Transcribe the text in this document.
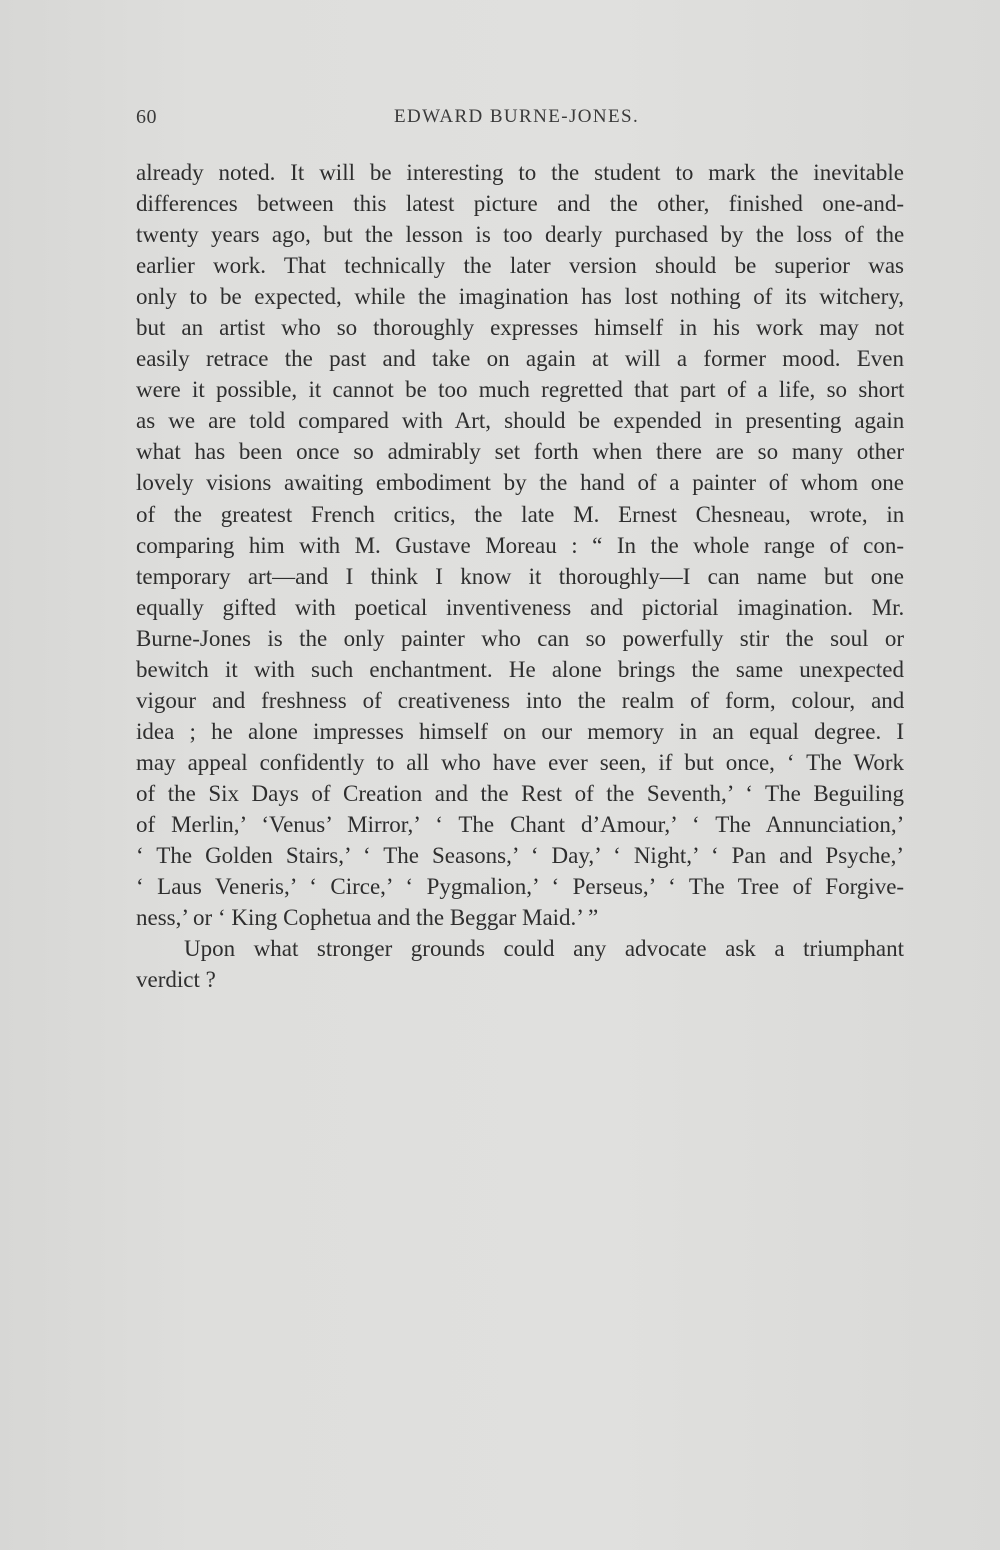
60	EDWARD BURNE-JONES.

already noted. It will be interesting to the student to mark the inevitable
differences between this latest picture and the other, finished one-and-
twenty years ago, but the lesson is too dearly purchased by the loss of the
earlier work. That technically the later version should be superior was
only to be expected, while the imagination has lost nothing of its witchery,
but an artist who so thoroughly expresses himself in his work may not
easily retrace the past and take on again at will a former mood. Even
were it possible, it cannot be too much regretted that part of a life, so short
as we are told compared with Art, should be expended in presenting again
what has been once so admirably set forth when there are so many other
lovely visions awaiting embodiment by the hand of a painter of whom one
of the greatest French critics, the late M. Ernest Chesneau, wrote, in
comparing him with M. Gustave Moreau : “ In the whole range of con-
temporary art—and I think I know it thoroughly—I can name but one
equally gifted with poetical inventiveness and pictorial imagination. Mr.
Burne-Jones is the only painter who can so powerfully stir the soul or
bewitch it with such enchantment. He alone brings the same unexpected
vigour and freshness of creativeness into the realm of form, colour, and
idea ; he alone impresses himself on our memory in an equal degree. I
may appeal confidently to all who have ever seen, if but once, ‘ The Work
of the Six Days of Creation and the Rest of the Seventh,’ ‘ The Beguiling
of Merlin,’ ‘Venus’ Mirror,’ ‘ The Chant d’Amour,’ ‘ The Annunciation,’
‘ The Golden Stairs,’ ‘ The Seasons,’ ‘ Day,’ ‘ Night,’ ‘ Pan and Psyche,’
‘ Laus Veneris,’ ‘ Circe,’ ‘ Pygmalion,’ ‘ Perseus,’ ‘ The Tree of Forgive-
ness,’ or ‘ King Cophetua and the Beggar Maid.’ ”

Upon what stronger grounds could any advocate ask a triumphant
verdict ?
